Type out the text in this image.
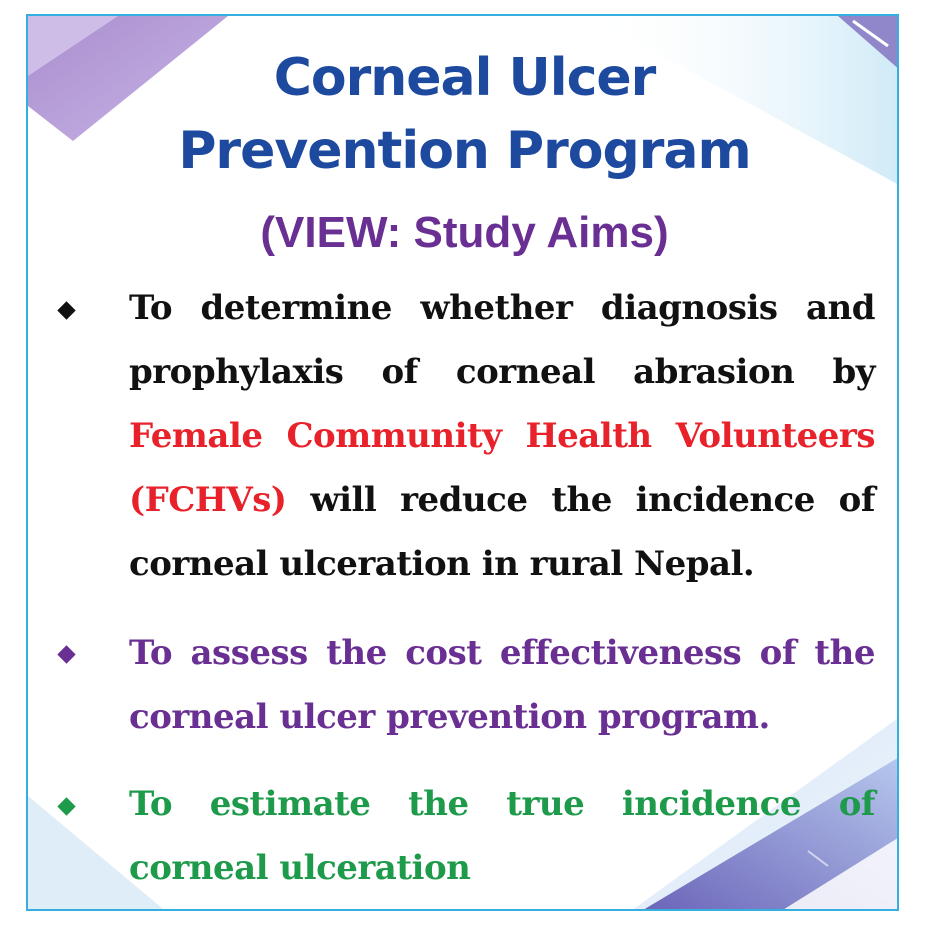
Corneal Ulcer
Prevention Program
(VIEW: Study Aims)

To determine whether diagnosis and prophylaxis of corneal abrasion by Female Community Health Volunteers (FCHVs) will reduce the incidence of corneal ulceration in rural Nepal.

To assess the cost effectiveness of the corneal ulcer prevention program.

To estimate the true incidence of corneal ulceration
